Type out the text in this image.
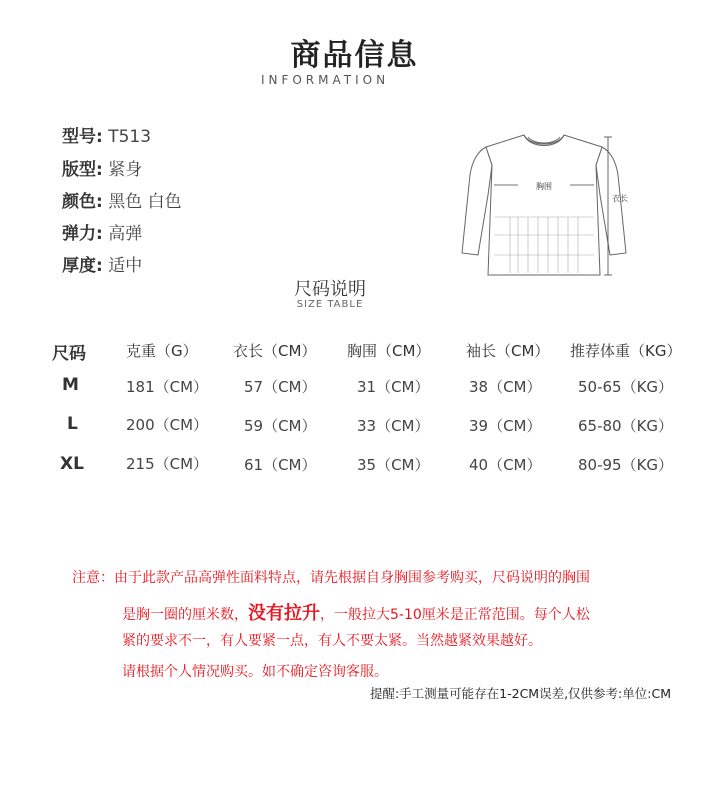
商品信息
INFORMATION
型号: T513
版型: 紧身
颜色: 黑色 白色
弹力: 高弹
厚度: 适中
胸围
衣长
尺码说明
SIZE TABLE
尺码	克重（G） 衣长（CM） 胸围（CM） 袖长（CM） 推荐体重（KG）
M	181（CM） 57（CM）	31（CM）	38（CM） 50-65（KG）
L	200（CM） 59（CM）	33（CM）	39（CM） 65-80（KG）
XL	215（CM） 61（CM）	35（CM）	40（CM） 80-95（KG）
注意：由于此款产品高弹性面料特点，请先根据自身胸围参考购买，尺码说明的胸围
是胸一圈的厘米数，没有拉升，一般拉大5-10厘米是正常范围。每个人松
紧的要求不一，有人要紧一点，有人不要太紧。当然越紧效果越好。
请根据个人情况购买。如不确定咨询客服。
提醒:手工测量可能存在1-2CM误差,仅供参考:单位:CM
